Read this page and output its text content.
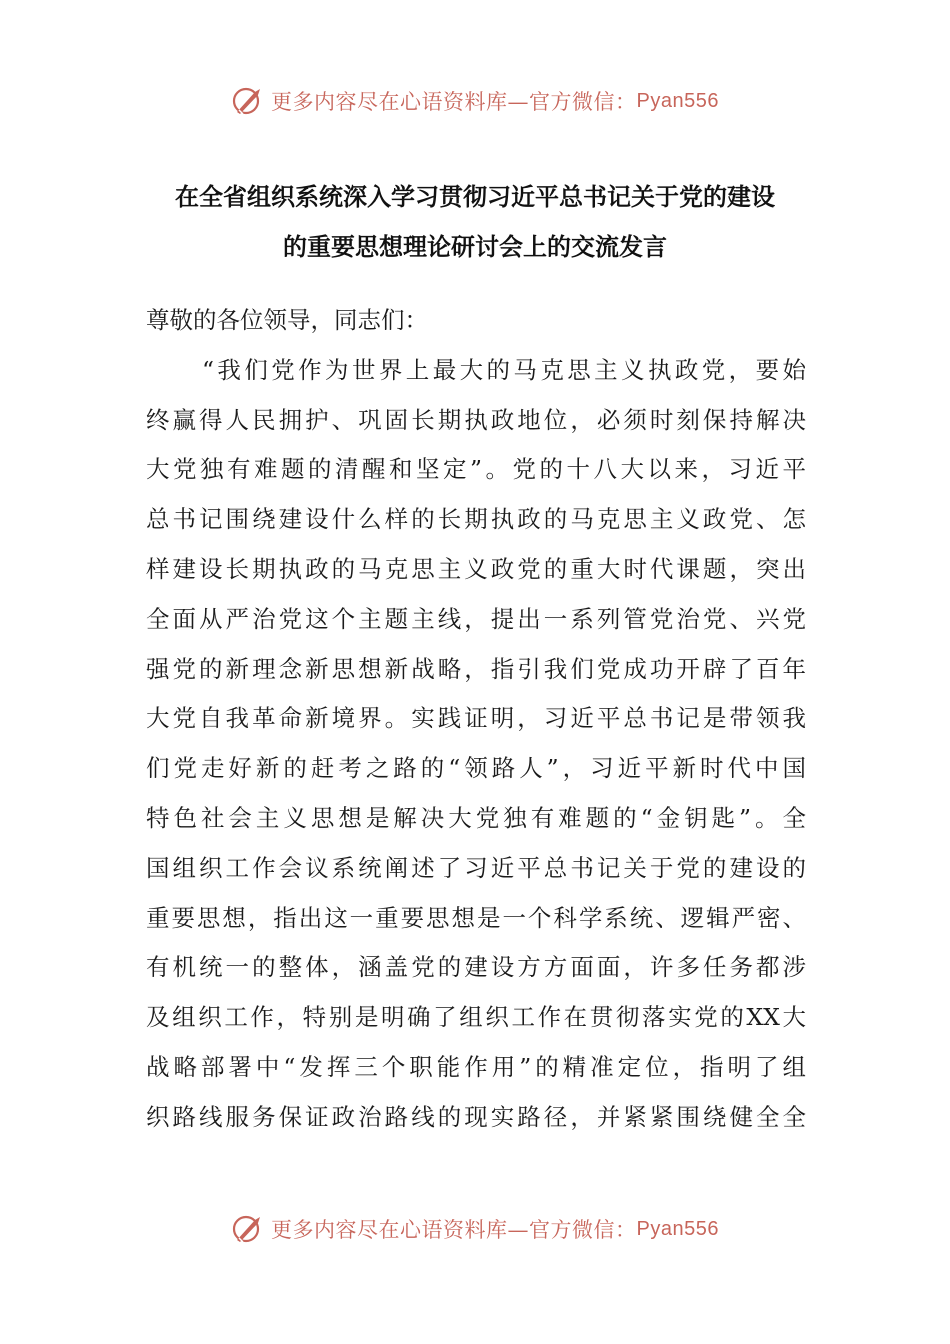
更多内容尽在心语资料库—官方微信： Pyan556
在全省组织系统深入学习贯彻习近平总书记关于党的建设
的重要思想理论研讨会上的交流发言
尊敬的各位领导，同志们：
“我们党作为世界上最大的马克思主义执政党，要始
终赢得人民拥护、巩固长期执政地位，必须时刻保持解决
大党独有难题的清醒和坚定”。党的十八大以来，习近平
总书记围绕建设什么样的长期执政的马克思主义政党、怎
样建设长期执政的马克思主义政党的重大时代课题，突出
全面从严治党这个主题主线，提出一系列管党治党、兴党
强党的新理念新思想新战略，指引我们党成功开辟了百年
大党自我革命新境界。实践证明，习近平总书记是带领我
们党走好新的赶考之路的“领路人”，习近平新时代中国
特色社会主义思想是解决大党独有难题的“金钥匙”。全
国组织工作会议系统阐述了习近平总书记关于党的建设的
重要思想，指出这一重要思想是一个科学系统、逻辑严密、
有机统一的整体，涵盖党的建设方方面面，许多任务都涉
及组织工作，特别是明确了组织工作在贯彻落实党的XX大
战略部署中“发挥三个职能作用”的精准定位，指明了组
织路线服务保证政治路线的现实路径，并紧紧围绕健全全
更多内容尽在心语资料库—官方微信： Pyan556
